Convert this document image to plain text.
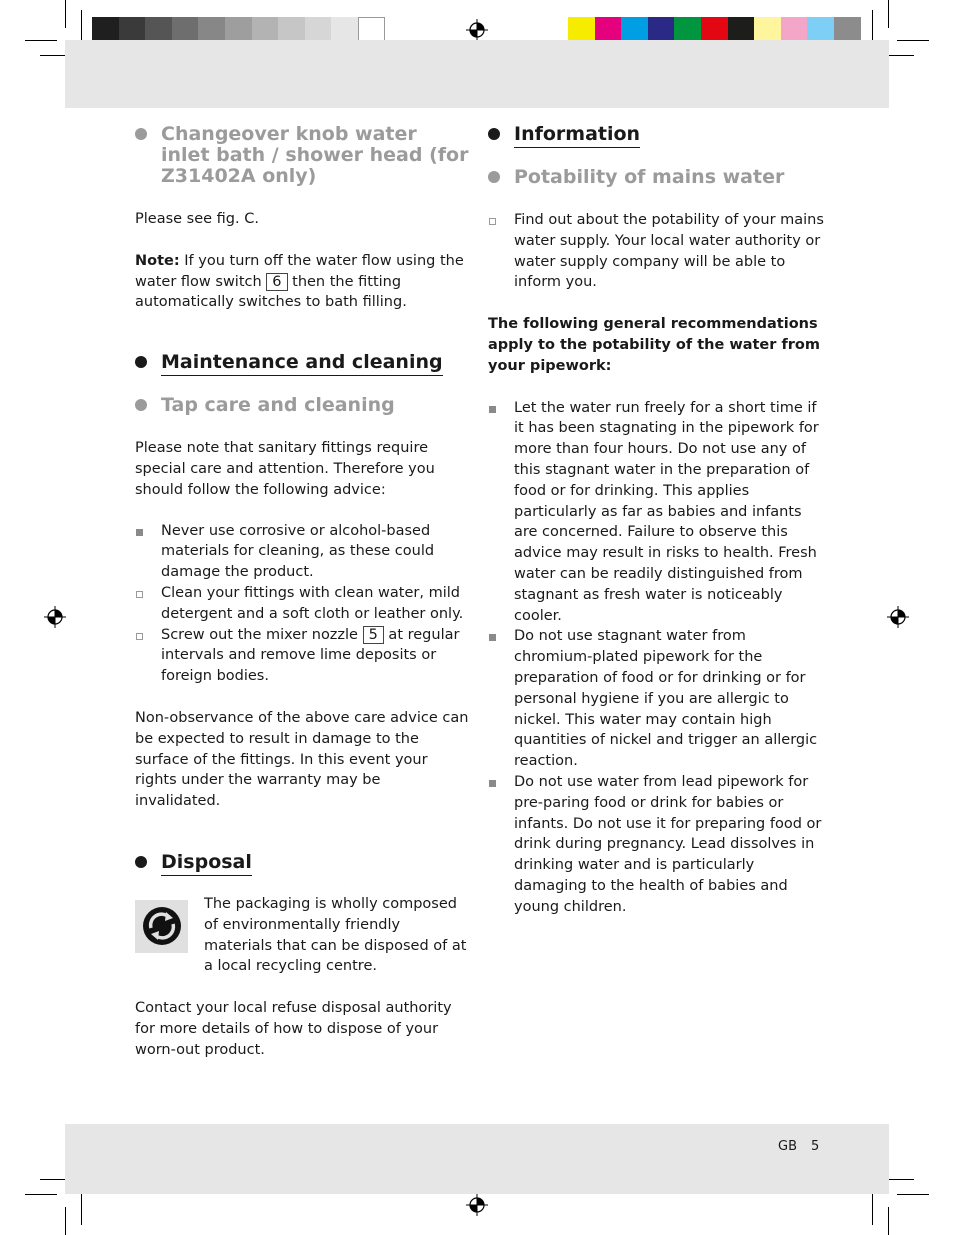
GB 5
Changeover knob water inlet bath / shower head (for Z31402A only)

Please see fig. C.

Note: If you turn off the water flow using the water flow switch 6 then the fitting automatically switches to bath filling.

Maintenance and cleaning
Tap care and cleaning

Please note that sanitary fittings require special care and attention. Therefore you should follow the following advice:

Never use corrosive or alcohol-based materials for cleaning, as these could damage the product.
Clean your fittings with clean water, mild detergent and a soft cloth or leather only.
Screw out the mixer nozzle 5 at regular intervals and remove lime deposits or foreign bodies.

Non-observance of the above care advice can be expected to result in damage to the surface of the fittings. In this event your rights under the warranty may be invalidated.

Disposal

The packaging is wholly composed of environmentally friendly materials that can be disposed of at a local recycling centre.

Contact your local refuse disposal authority for more details of how to dispose of your worn-out product.

Information
Potability of mains water
Find out about the potability of your mains water supply. Your local water authority or water supply company will be able to inform you.

The following general recommendations apply to the potability of the water from your pipework:

Let the water run freely for a short time if it has been stagnating in the pipework for more than four hours. Do not use any of this stagnant water in the preparation of food or for drinking. This applies particularly as far as babies and infants are concerned. Failure to observe this advice may result in risks to health. Fresh water can be readily distinguished from stagnant as fresh water is noticeably cooler.
Do not use stagnant water from chromium-plated pipework for the preparation of food or for drinking or for personal hygiene if you are allergic to nickel. This water may contain high quantities of nickel and trigger an allergic reaction.
Do not use water from lead pipework for pre-paring food or drink for babies or infants. Do not use it for preparing food or drink during pregnancy. Lead dissolves in drinking water and is particularly damaging to the health of babies and young children.
